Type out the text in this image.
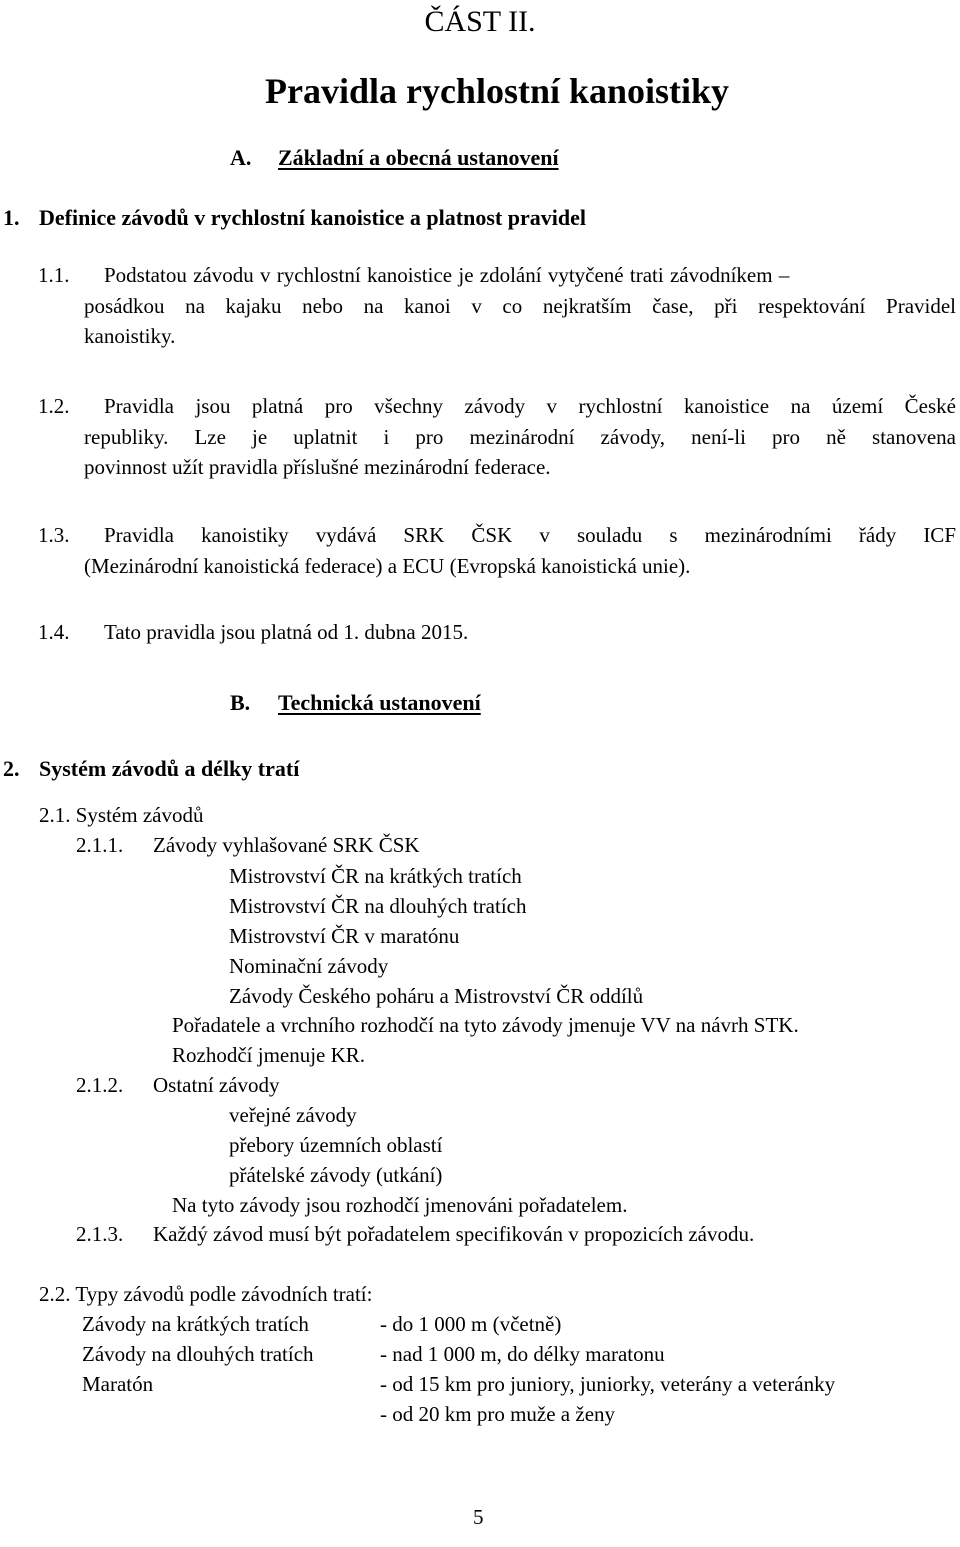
ČÁST II.
Pravidla rychlostní kanoistiky
A. Základní a obecná ustanovení
1. Definice závodů v rychlostní kanoistice a platnost pravidel
1.1. Podstatou závodu v rychlostní kanoistice je zdolání vytyčené trati závodníkem –
posádkou na kajaku nebo na kanoi v co nejkratším čase, při respektování Pravidel
kanoistiky.
1.2. Pravidla jsou platná pro všechny závody v rychlostní kanoistice na území České
republiky. Lze je uplatnit i pro mezinárodní závody, není-li pro ně stanovena
povinnost užít pravidla příslušné mezinárodní federace.
1.3. Pravidla kanoistiky vydává SRK ČSK v souladu s mezinárodními řády ICF
(Mezinárodní kanoistická federace) a ECU (Evropská kanoistická unie).
1.4. Tato pravidla jsou platná od 1. dubna 2015.
B. Technická ustanovení
2. Systém závodů a délky tratí
2.1. Systém závodů
2.1.1. Závody vyhlašované SRK ČSK
Mistrovství ČR na krátkých tratích
Mistrovství ČR na dlouhých tratích
Mistrovství ČR v maratónu
Nominační závody
Závody Českého poháru a Mistrovství ČR oddílů
Pořadatele a vrchního rozhodčí na tyto závody jmenuje VV na návrh STK.
Rozhodčí jmenuje KR.
2.1.2. Ostatní závody
veřejné závody
přebory územních oblastí
přátelské závody (utkání)
Na tyto závody jsou rozhodčí jmenováni pořadatelem.
2.1.3. Každý závod musí být pořadatelem specifikován v propozicích závodu.
2.2. Typy závodů podle závodních tratí:
Závody na krátkých tratích	- do 1 000 m (včetně)
Závody na dlouhých tratích	- nad 1 000 m, do délky maratonu
Maratón	- od 15 km pro juniory, juniorky, veterány a veteránky
- od 20 km pro muže a ženy
5
